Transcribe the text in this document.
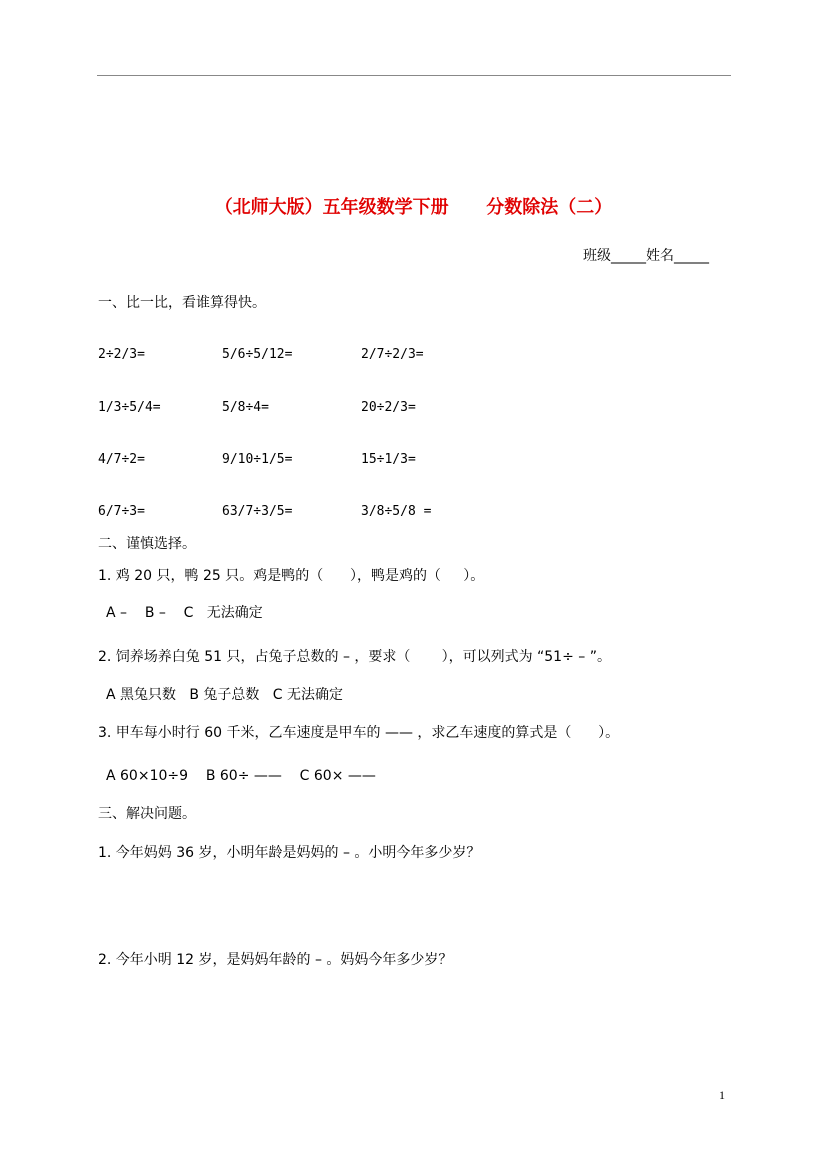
（北师大版）五年级数学下册      分数除法（二）
班级_____姓名_____
一、比一比，看谁算得快。
2÷2/3=	5/6÷5/12=	2/7÷2/3=
1/3÷5/4=	5/8÷4=	20÷2/3=
4/7÷2=	9/10÷1/5=	15÷1/3=
6/7÷3=	63/7÷3/5=	3/8÷5/8 =
二、谨慎选择。
1. 鸡 20 只，鸭 25 只。鸡是鸭的（      ），鸭是鸡的（     ）。
A –    B –    C   无法确定
2. 饲养场养白兔 51 只，占兔子总数的 – ，要求（       ），可以列式为 “51÷ – ”。
A 黑兔只数   B 兔子总数   C 无法确定
3. 甲车每小时行 60 千米，乙车速度是甲车的 —— ，求乙车速度的算式是（      ）。
A 60×10÷9    B 60÷ ——    C 60× ——
三、解决问题。
1. 今年妈妈 36 岁，小明年龄是妈妈的 – 。小明今年多少岁？
2. 今年小明 12 岁，是妈妈年龄的 – 。妈妈今年多少岁？
1
